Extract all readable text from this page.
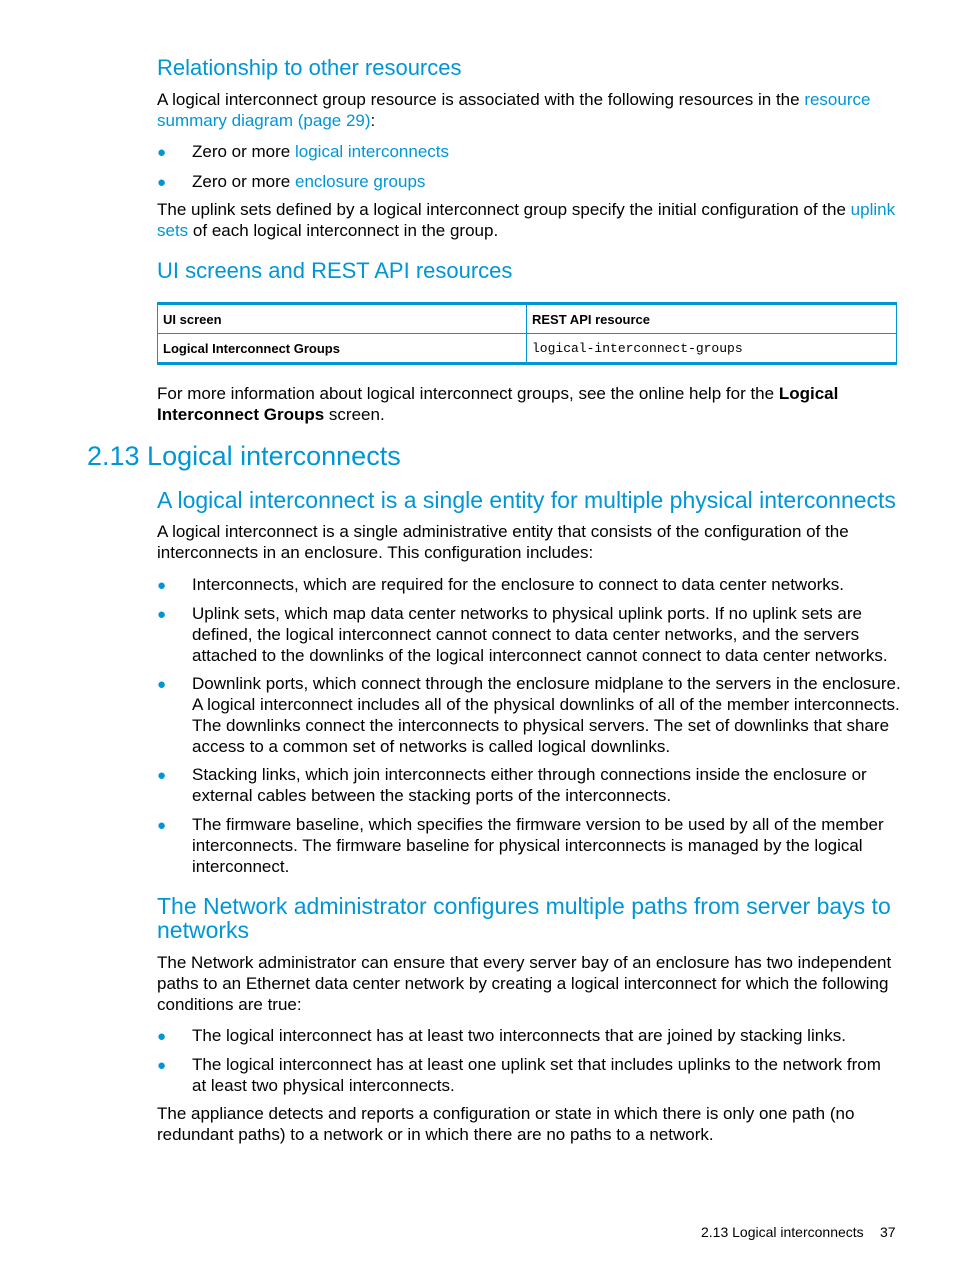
Relationship to other resources

A logical interconnect group resource is associated with the following resources in the resource
summary diagram (page 29):

● Zero or more logical interconnects
● Zero or more enclosure groups

The uplink sets defined by a logical interconnect group specify the initial configuration of the uplink
sets of each logical interconnect in the group.

UI screens and REST API resources
UI screen	REST API resource
Logical Interconnect Groups	logical-interconnect-groups

For more information about logical interconnect groups, see the online help for the Logical
Interconnect Groups screen.

2.13 Logical interconnects
A logical interconnect is a single entity for multiple physical interconnects

A logical interconnect is a single administrative entity that consists of the configuration of the
interconnects in an enclosure. This configuration includes:

● Interconnects, which are required for the enclosure to connect to data center networks.
● Uplink sets, which map data center networks to physical uplink ports. If no uplink sets are
defined, the logical interconnect cannot connect to data center networks, and the servers
attached to the downlinks of the logical interconnect cannot connect to data center networks.
● Downlink ports, which connect through the enclosure midplane to the servers in the enclosure.
A logical interconnect includes all of the physical downlinks of all of the member interconnects.
The downlinks connect the interconnects to physical servers. The set of downlinks that share
access to a common set of networks is called logical downlinks.
● Stacking links, which join interconnects either through connections inside the enclosure or
external cables between the stacking ports of the interconnects.
● The firmware baseline, which specifies the firmware version to be used by all of the member
interconnects. The firmware baseline for physical interconnects is managed by the logical
interconnect.
The Network administrator configures multiple paths from server bays to
networks

The Network administrator can ensure that every server bay of an enclosure has two independent
paths to an Ethernet data center network by creating a logical interconnect for which the following
conditions are true:

● The logical interconnect has at least two interconnects that are joined by stacking links.
● The logical interconnect has at least one uplink set that includes uplinks to the network from
at least two physical interconnects.

The appliance detects and reports a configuration or state in which there is only one path (no
redundant paths) to a network or in which there are no paths to a network.

2.13 Logical interconnects 37
